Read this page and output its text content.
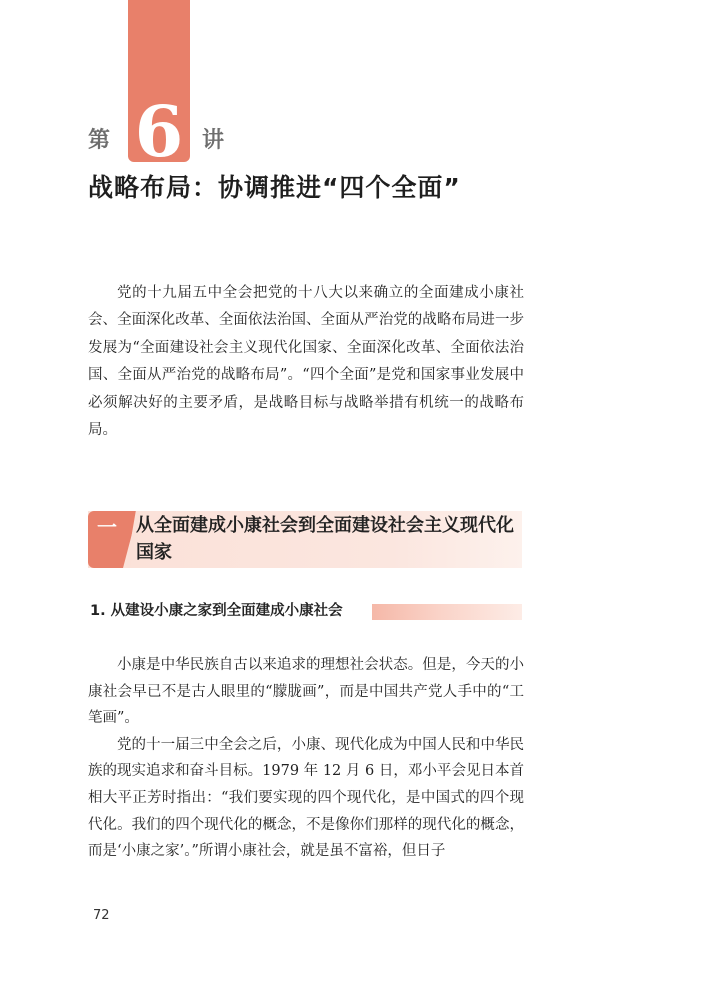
6
第	讲
战略布局：协调推进“四个全面”

党的十九届五中全会把党的十八大以来确立的全面建成小康社会、全面深化改革、全面依法治国、全面从严治党的战略布局进一步发展为“全面建设社会主义现代化国家、全面深化改革、全面依法治国、全面从严治党的战略布局”。“四个全面”是党和国家事业发展中必须解决好的主要矛盾，是战略目标与战略举措有机统一的战略布局。

一 从全面建成小康社会到全面建设社会主义现代化国家
1. 从建设小康之家到全面建成小康社会

小康是中华民族自古以来追求的理想社会状态。但是，今天的小康社会早已不是古人眼里的“朦胧画”，而是中国共产党人手中的“工笔画”。

党的十一届三中全会之后，小康、现代化成为中国人民和中华民族的现实追求和奋斗目标。1979 年 12 月 6 日，邓小平会见日本首相大平正芳时指出：“我们要实现的四个现代化，是中国式的四个现代化。我们的四个现代化的概念，不是像你们那样的现代化的概念，而是‘小康之家’。”所谓小康社会，就是虽不富裕，但日子

72
